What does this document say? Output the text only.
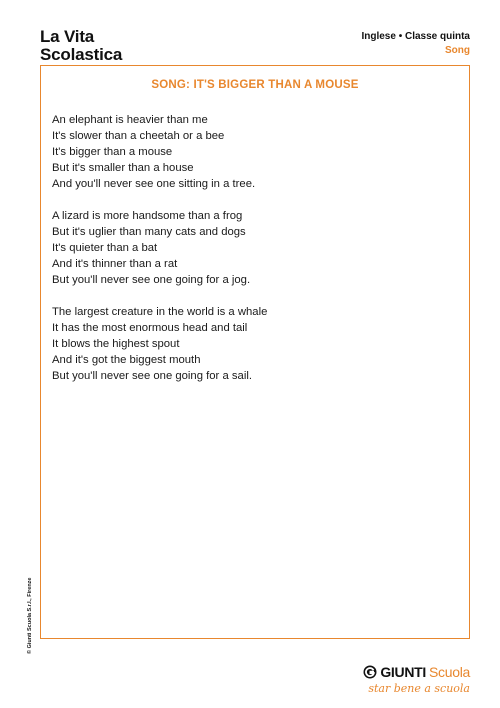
La Vita
Scolastica
Inglese • Classe quinta
Song
SONG: IT'S BIGGER THAN A MOUSE
An elephant is heavier than me
It's slower than a cheetah or a bee
It's bigger than a mouse
But it's smaller than a house
And you'll never see one sitting in a tree.
A lizard is more handsome than a frog
But it's uglier than many cats and dogs
It's quieter than a bat
And it's thinner than a rat
But you'll never see one going for a jog.
The largest creature in the world is a whale
It has the most enormous head and tail
It blows the highest spout
And it's got the biggest mouth
But you'll never see one going for a sail.
© Giunti Scuola S.r.l., Firenze
GIUNTI Scuola
star bene a scuola
